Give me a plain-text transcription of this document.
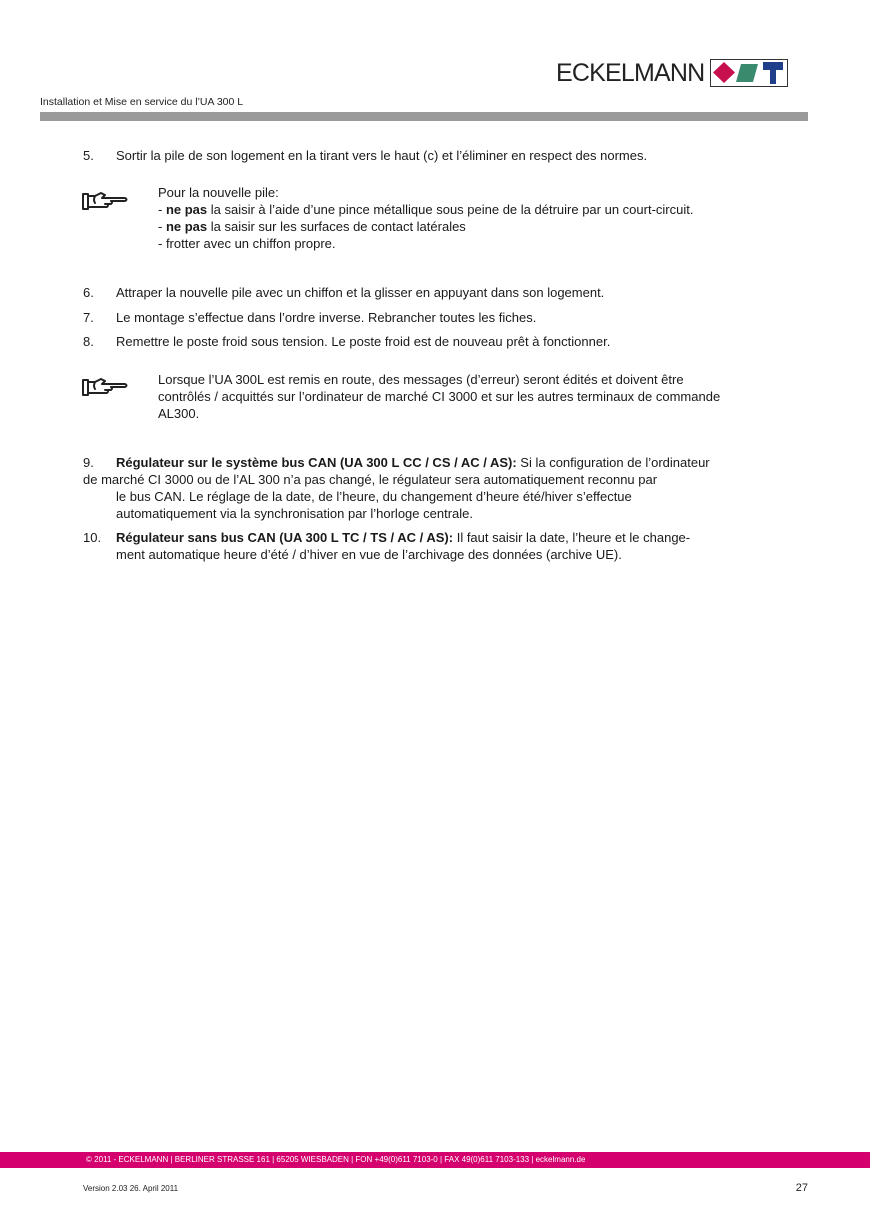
ECKELMANN
Installation et Mise en service du l’UA 300 L
5. Sortir la pile de son logement en la tirant vers le haut (c) et l’éliminer en respect des normes.
Pour la nouvelle pile:
- ne pas la saisir à l’aide d’une pince métallique sous peine de la détruire par un court-circuit.
- ne pas la saisir sur les surfaces de contact latérales
- frotter avec un chiffon propre.
6. Attraper la nouvelle pile avec un chiffon et la glisser en appuyant dans son logement.
7. Le montage s’effectue dans l’ordre inverse. Rebrancher toutes les fiches.
8. Remettre le poste froid sous tension. Le poste froid est de nouveau prêt à fonctionner.
Lorsque l’UA 300L est remis en route, des messages (d’erreur) seront édités et doivent être
contrôlés / acquittés sur l’ordinateur de marché CI 3000 et sur les autres terminaux de commande
AL300.
9. Régulateur sur le système bus CAN (UA 300 L CC / CS / AC / AS): Si la configuration de l’ordinateur
de marché CI 3000 ou de l’AL 300 n’a pas changé, le régulateur sera automatiquement reconnu par
le bus CAN. Le réglage de la date, de l’heure, du changement d’heure été/hiver s’effectue
automatiquement via la synchronisation par l’horloge centrale.
10. Régulateur sans bus CAN (UA 300 L TC / TS / AC / AS): Il faut saisir la date, l’heure et le change-
ment automatique heure d’été / d’hiver en vue de l’archivage des données (archive UE).
© 2011 - ECKELMANN | BERLINER STRASSE 161 | 65205 WIESBADEN | FON +49(0)611 7103-0 | FAX 49(0)611 7103-133 | eckelmann.de
Version 2.03 26. April 2011	27
